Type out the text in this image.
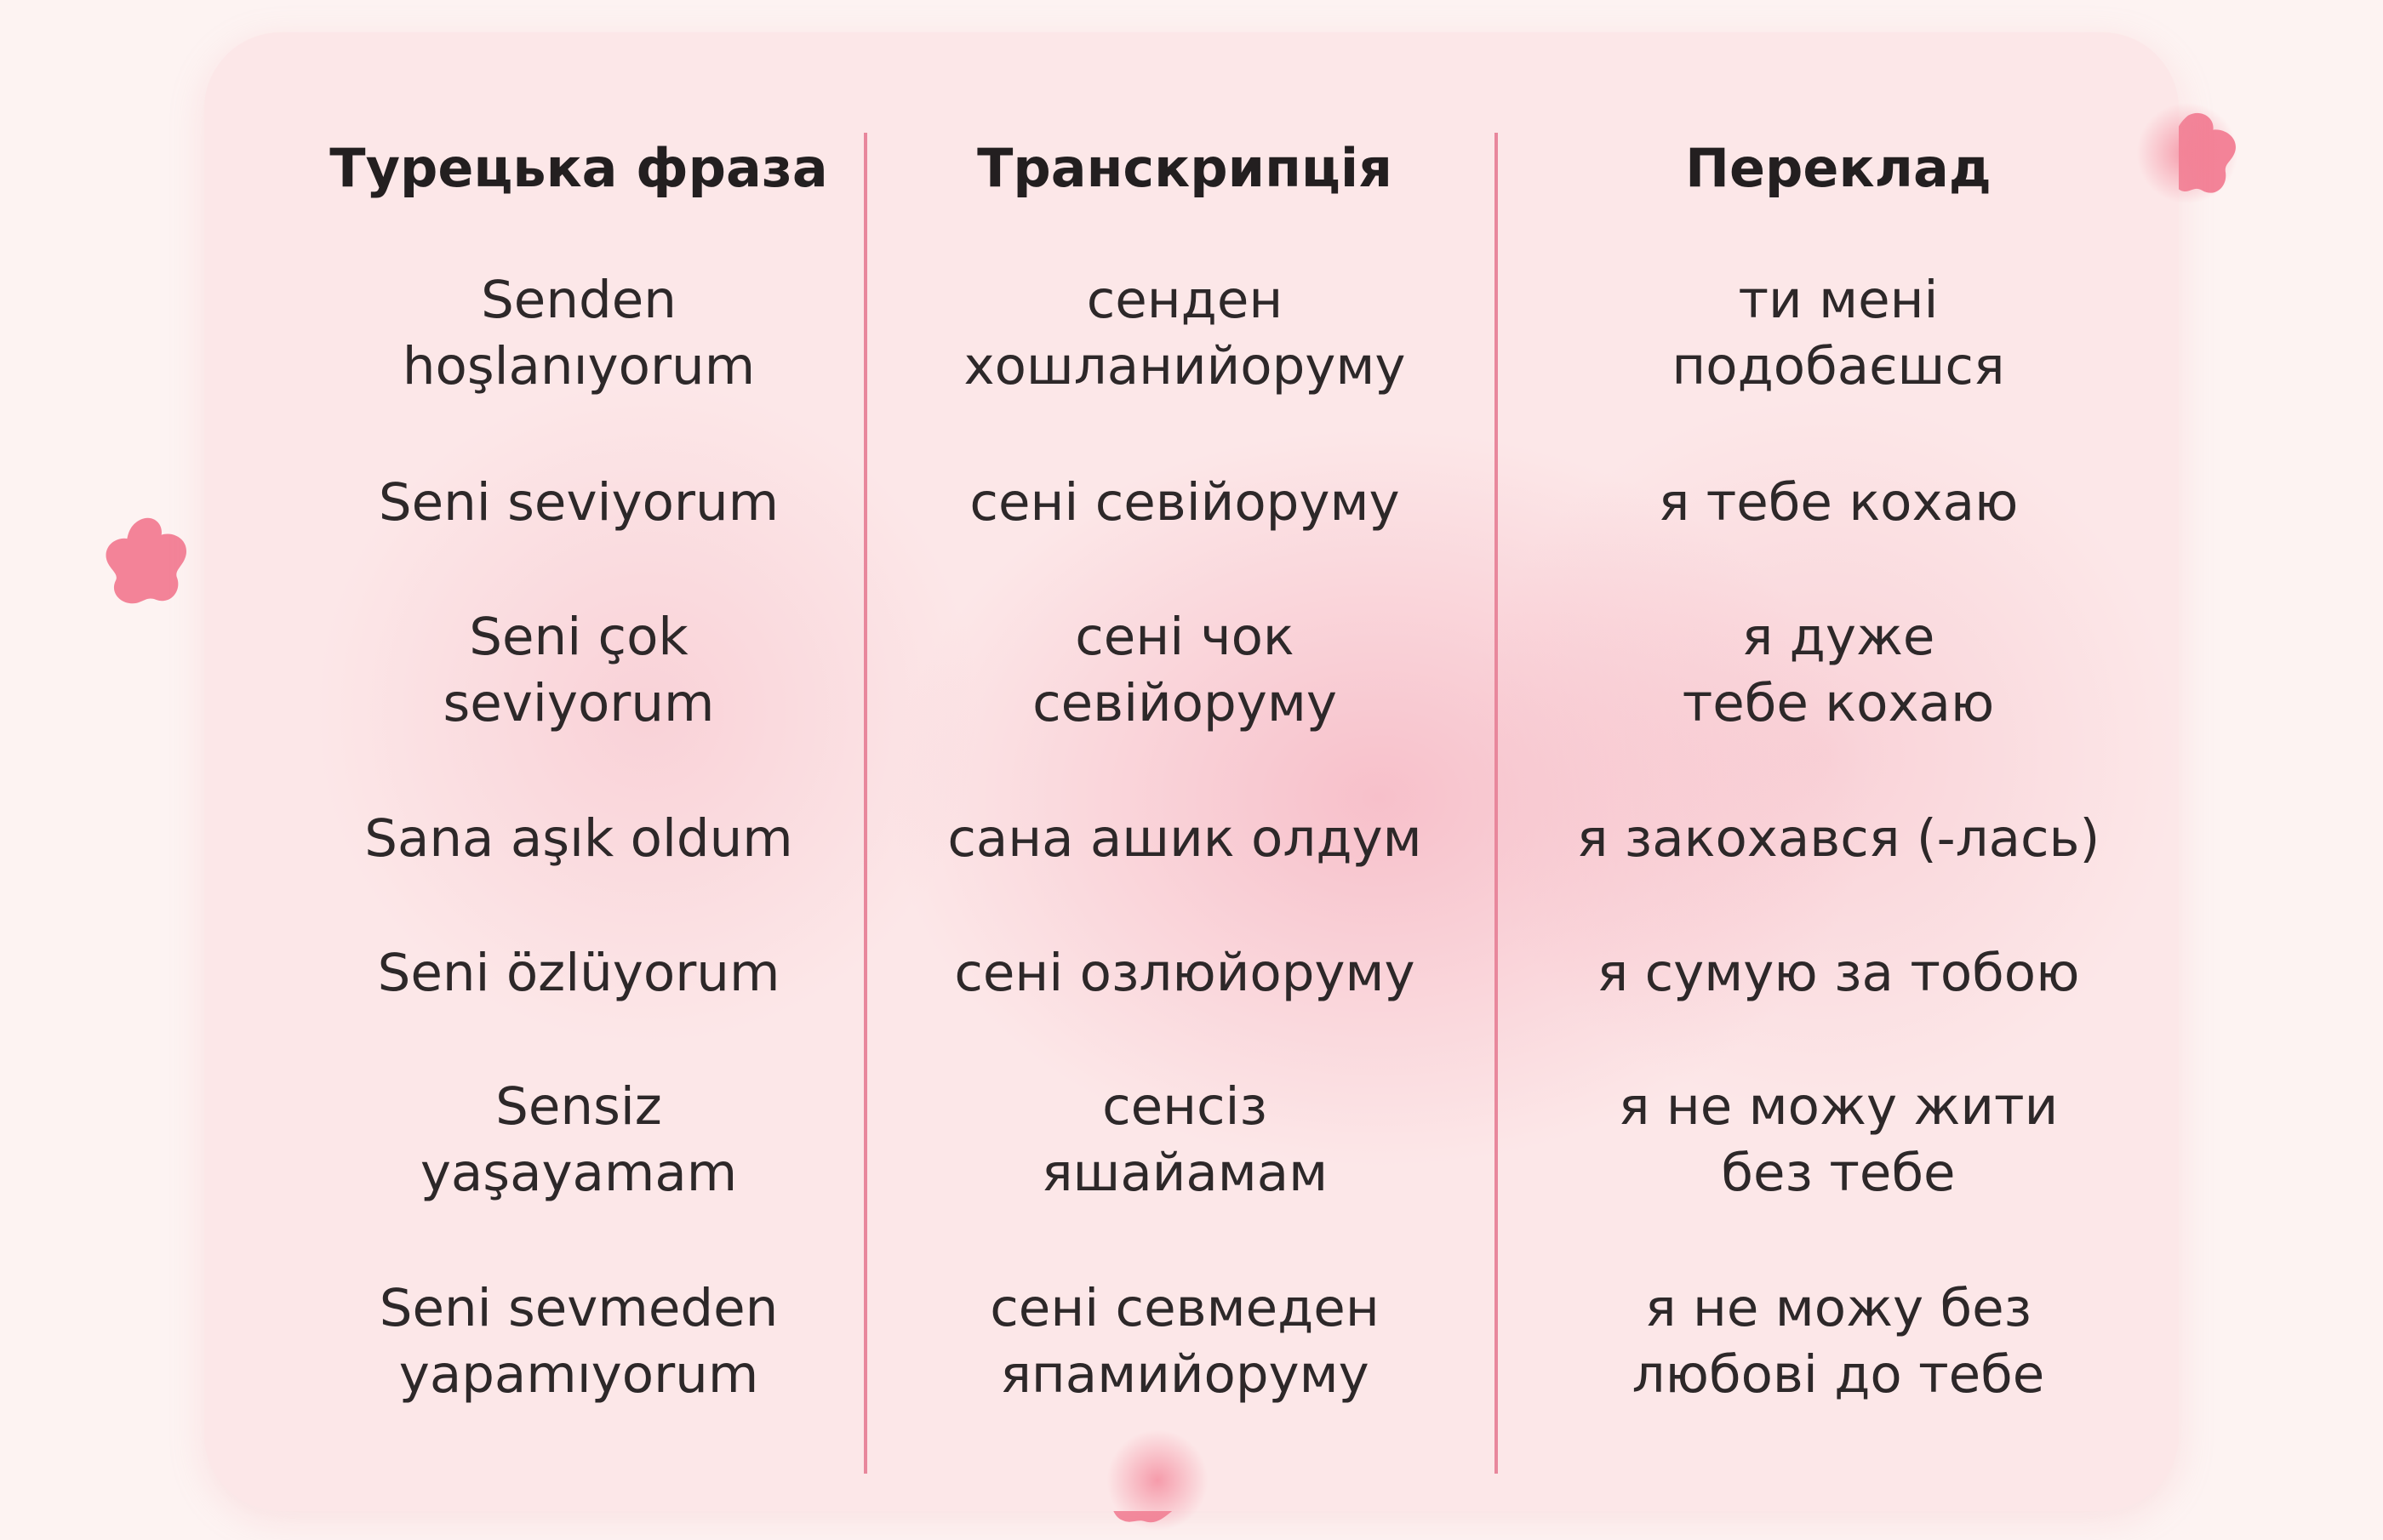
Турецька фраза
Senden
hoşlanıyorum
Seni seviyorum
Seni çok
seviyorum
Sana aşık oldum
Seni özlüyorum
Sensiz
yaşayamam
Seni sevmeden
yapamıyorum
Транскрипція
сенден
хошланийоруму
сені севійоруму
сені чок
севійоруму
сана ашик олдум
сені озлюйоруму
сенсіз
яшайамам
сені севмеден
япамийоруму
Переклад
ти мені
подобаєшся
я тебе кохаю
я дуже
тебе кохаю
я закохався (-лась)
я сумую за тобою
я не можу жити
без тебе
я не можу без
любові до тебе
